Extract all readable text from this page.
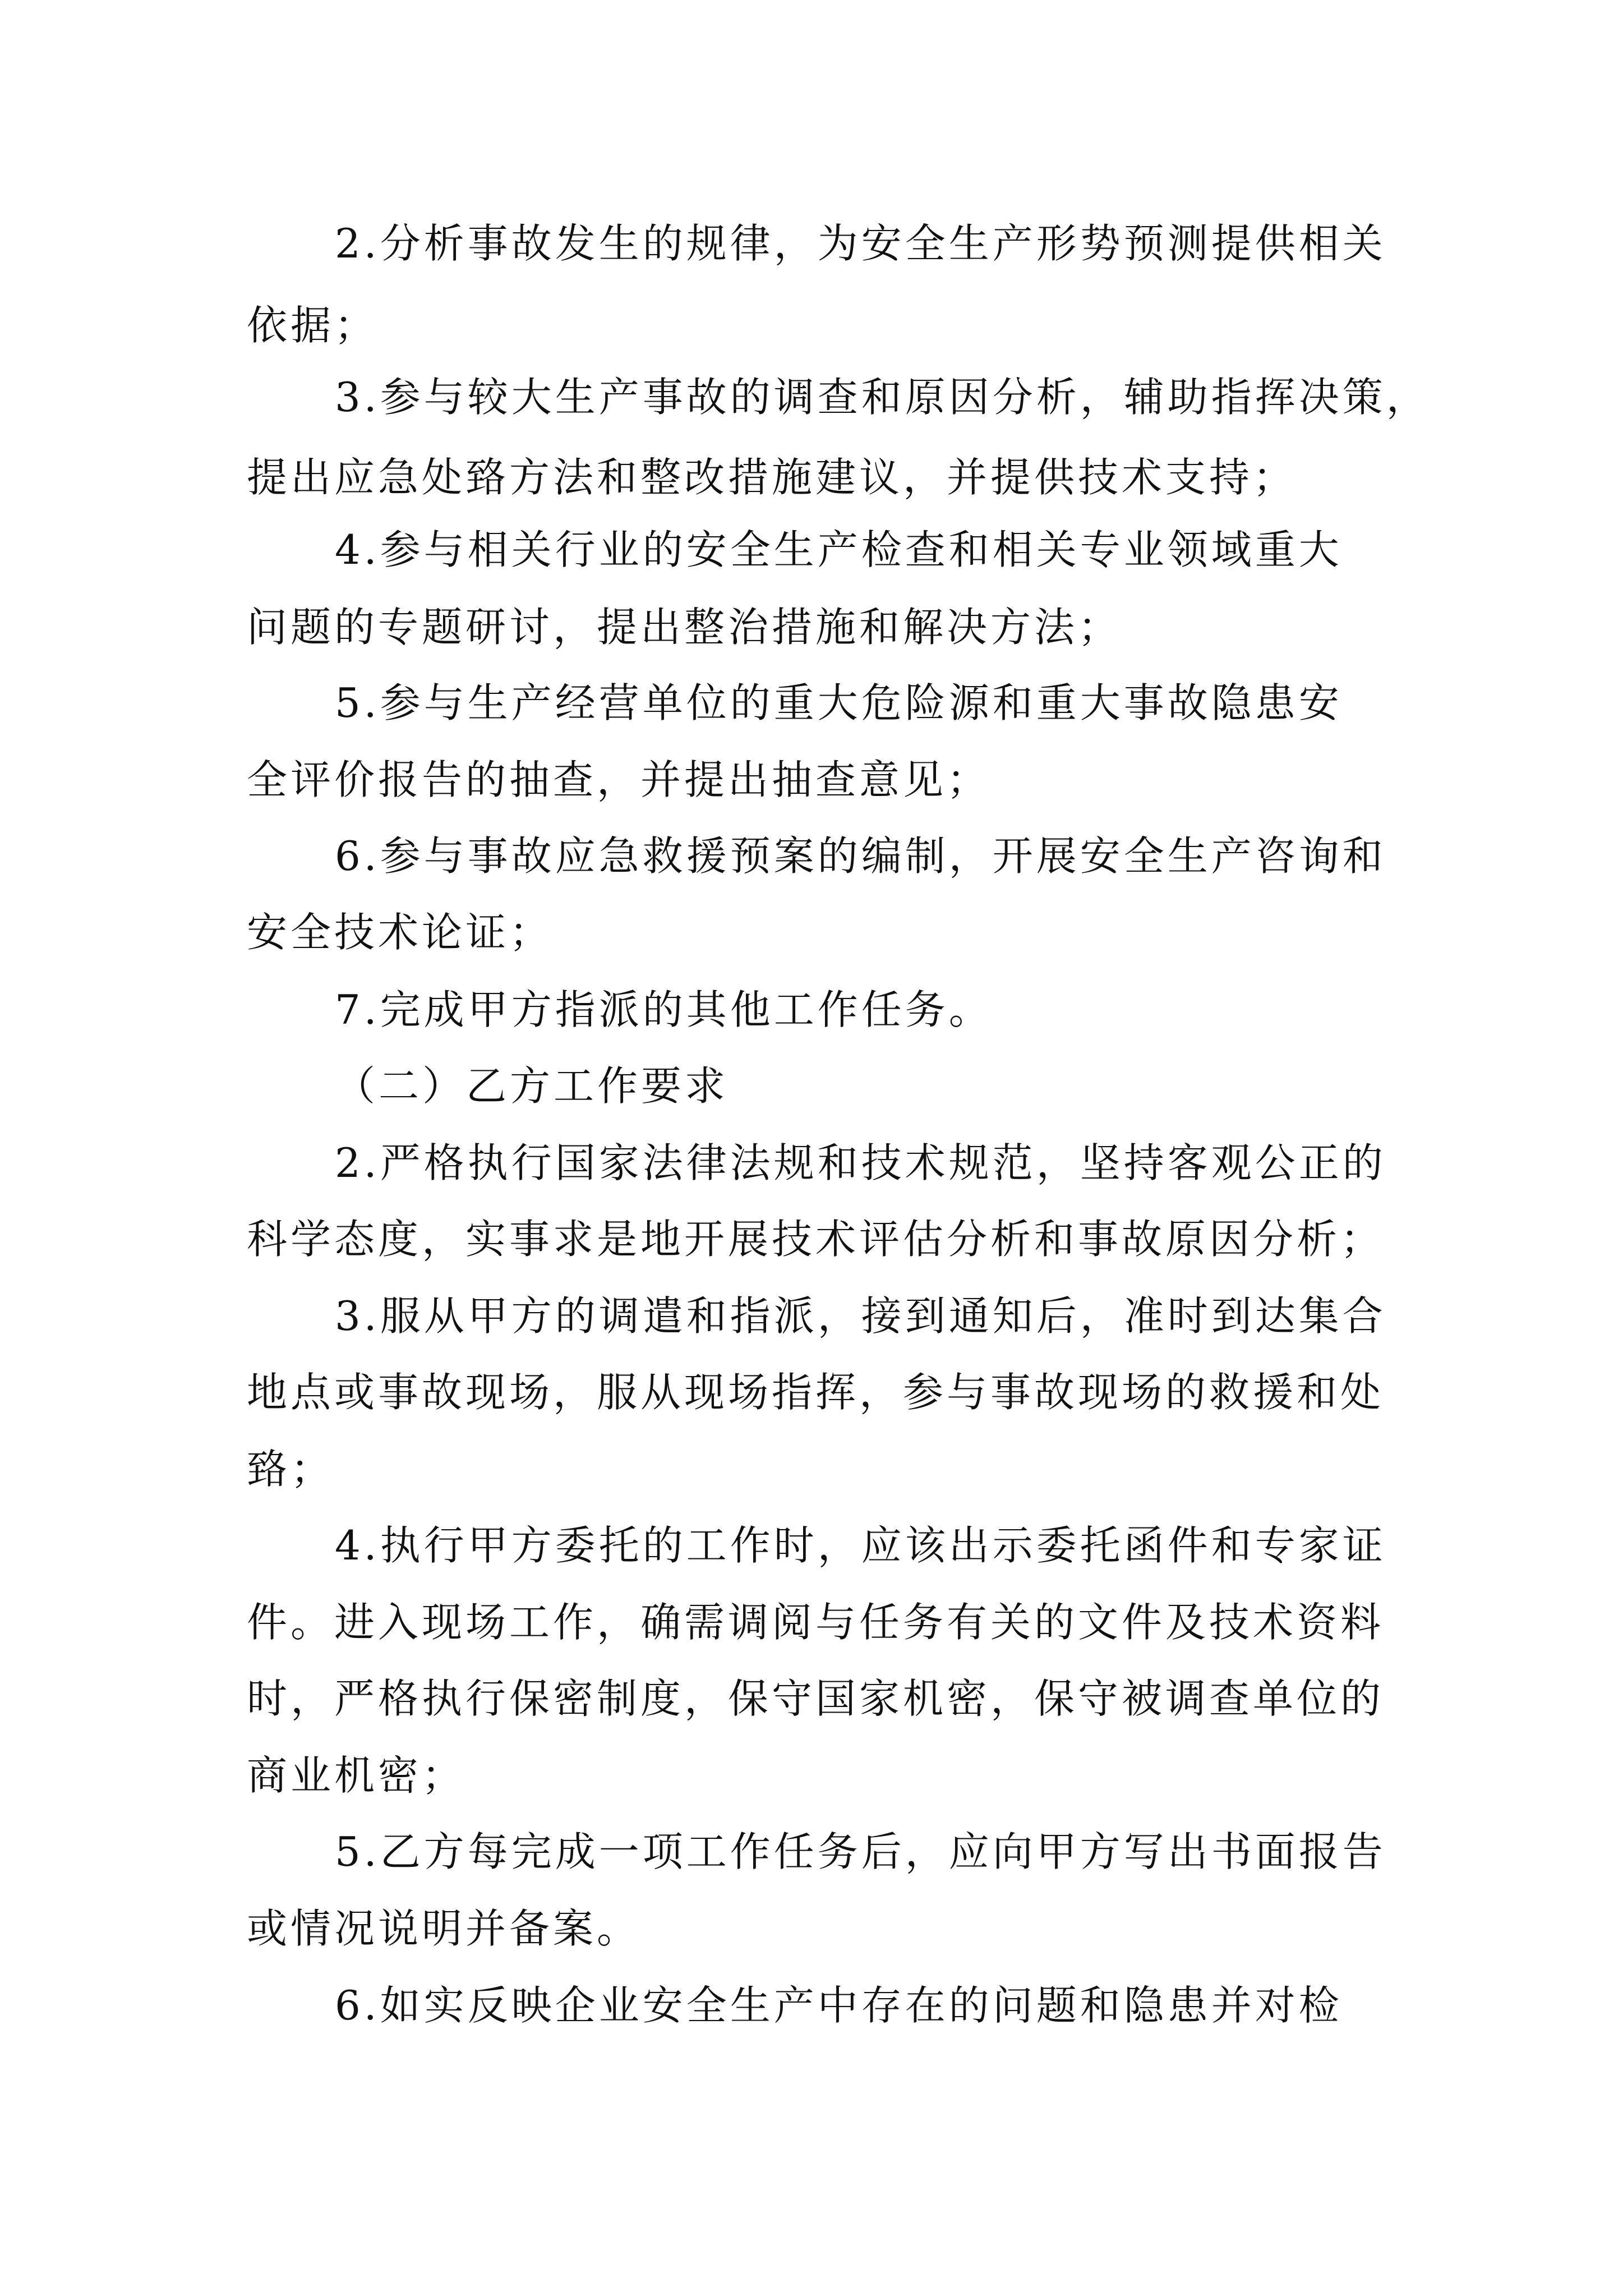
2.分析事故发生的规律，为安全生产形势预测提供相关
依据；
3.参与较大生产事故的调查和原因分析，辅助指挥决策，
提出应急处臵方法和整改措施建议，并提供技术支持；
4.参与相关行业的安全生产检查和相关专业领域重大
问题的专题研讨，提出整治措施和解决方法；
5.参与生产经营单位的重大危险源和重大事故隐患安
全评价报告的抽查，并提出抽查意见；
6.参与事故应急救援预案的编制，开展安全生产咨询和
安全技术论证；
7.完成甲方指派的其他工作任务。
（二）乙方工作要求
2.严格执行国家法律法规和技术规范，坚持客观公正的
科学态度，实事求是地开展技术评估分析和事故原因分析；
3.服从甲方的调遣和指派，接到通知后，准时到达集合
地点或事故现场，服从现场指挥，参与事故现场的救援和处
臵；
4.执行甲方委托的工作时，应该出示委托函件和专家证
件。进入现场工作，确需调阅与任务有关的文件及技术资料
时，严格执行保密制度，保守国家机密，保守被调查单位的
商业机密；
5.乙方每完成一项工作任务后，应向甲方写出书面报告
或情况说明并备案。
6.如实反映企业安全生产中存在的问题和隐患并对检
